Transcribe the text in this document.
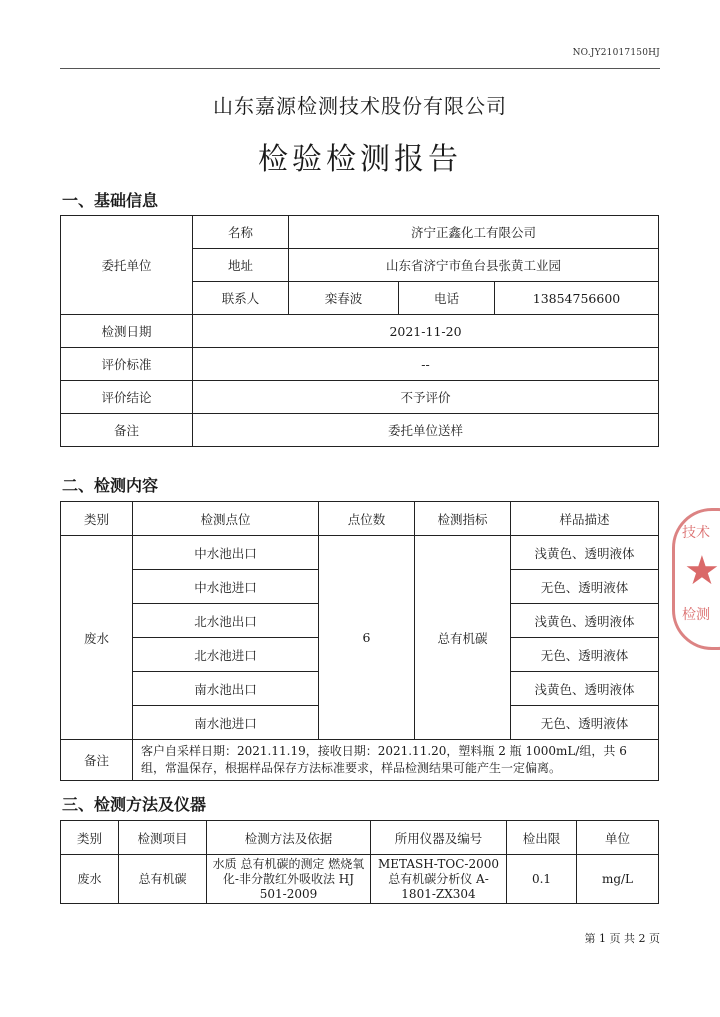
NO.JY21017150HJ
山东嘉源检测技术股份有限公司
检验检测报告
一、基础信息
委托单位	名称	济宁正鑫化工有限公司		
	地址	山东省济宁市鱼台县张黄工业园		
	联系人	栾春波	电话	13854756600
检测日期	2021-11-20			
评价标准	--			
评价结论	不予评价			
备注	委托单位送样			
二、检测内容
类别	检测点位	点位数	检测指标	样品描述
废水	中水池出口	6	总有机碳	浅黄色、透明液体
	中水池进口			无色、透明液体
	北水池出口			浅黄色、透明液体
	北水池进口			无色、透明液体
	南水池出口			浅黄色、透明液体
	南水池进口			无色、透明液体
备注	客户自采样日期：2021.11.19，接收日期：2021.11.20，塑料瓶 2 瓶 1000mL/组，共 6 组，常温保存，根据样品保存方法标准要求，样品检测结果可能产生一定偏离。			
三、检测方法及仪器
类别	检测项目	检测方法及依据	所用仪器及编号	检出限	单位
废水	总有机碳	水质 总有机碳的测定 燃烧氧化-非分散红外吸收法 HJ 501-2009	METASH-TOC-2000 总有机碳分析仪 A-1801-ZX304	0.1	mg/L
第 1 页 共 2 页
技术
★
检测
